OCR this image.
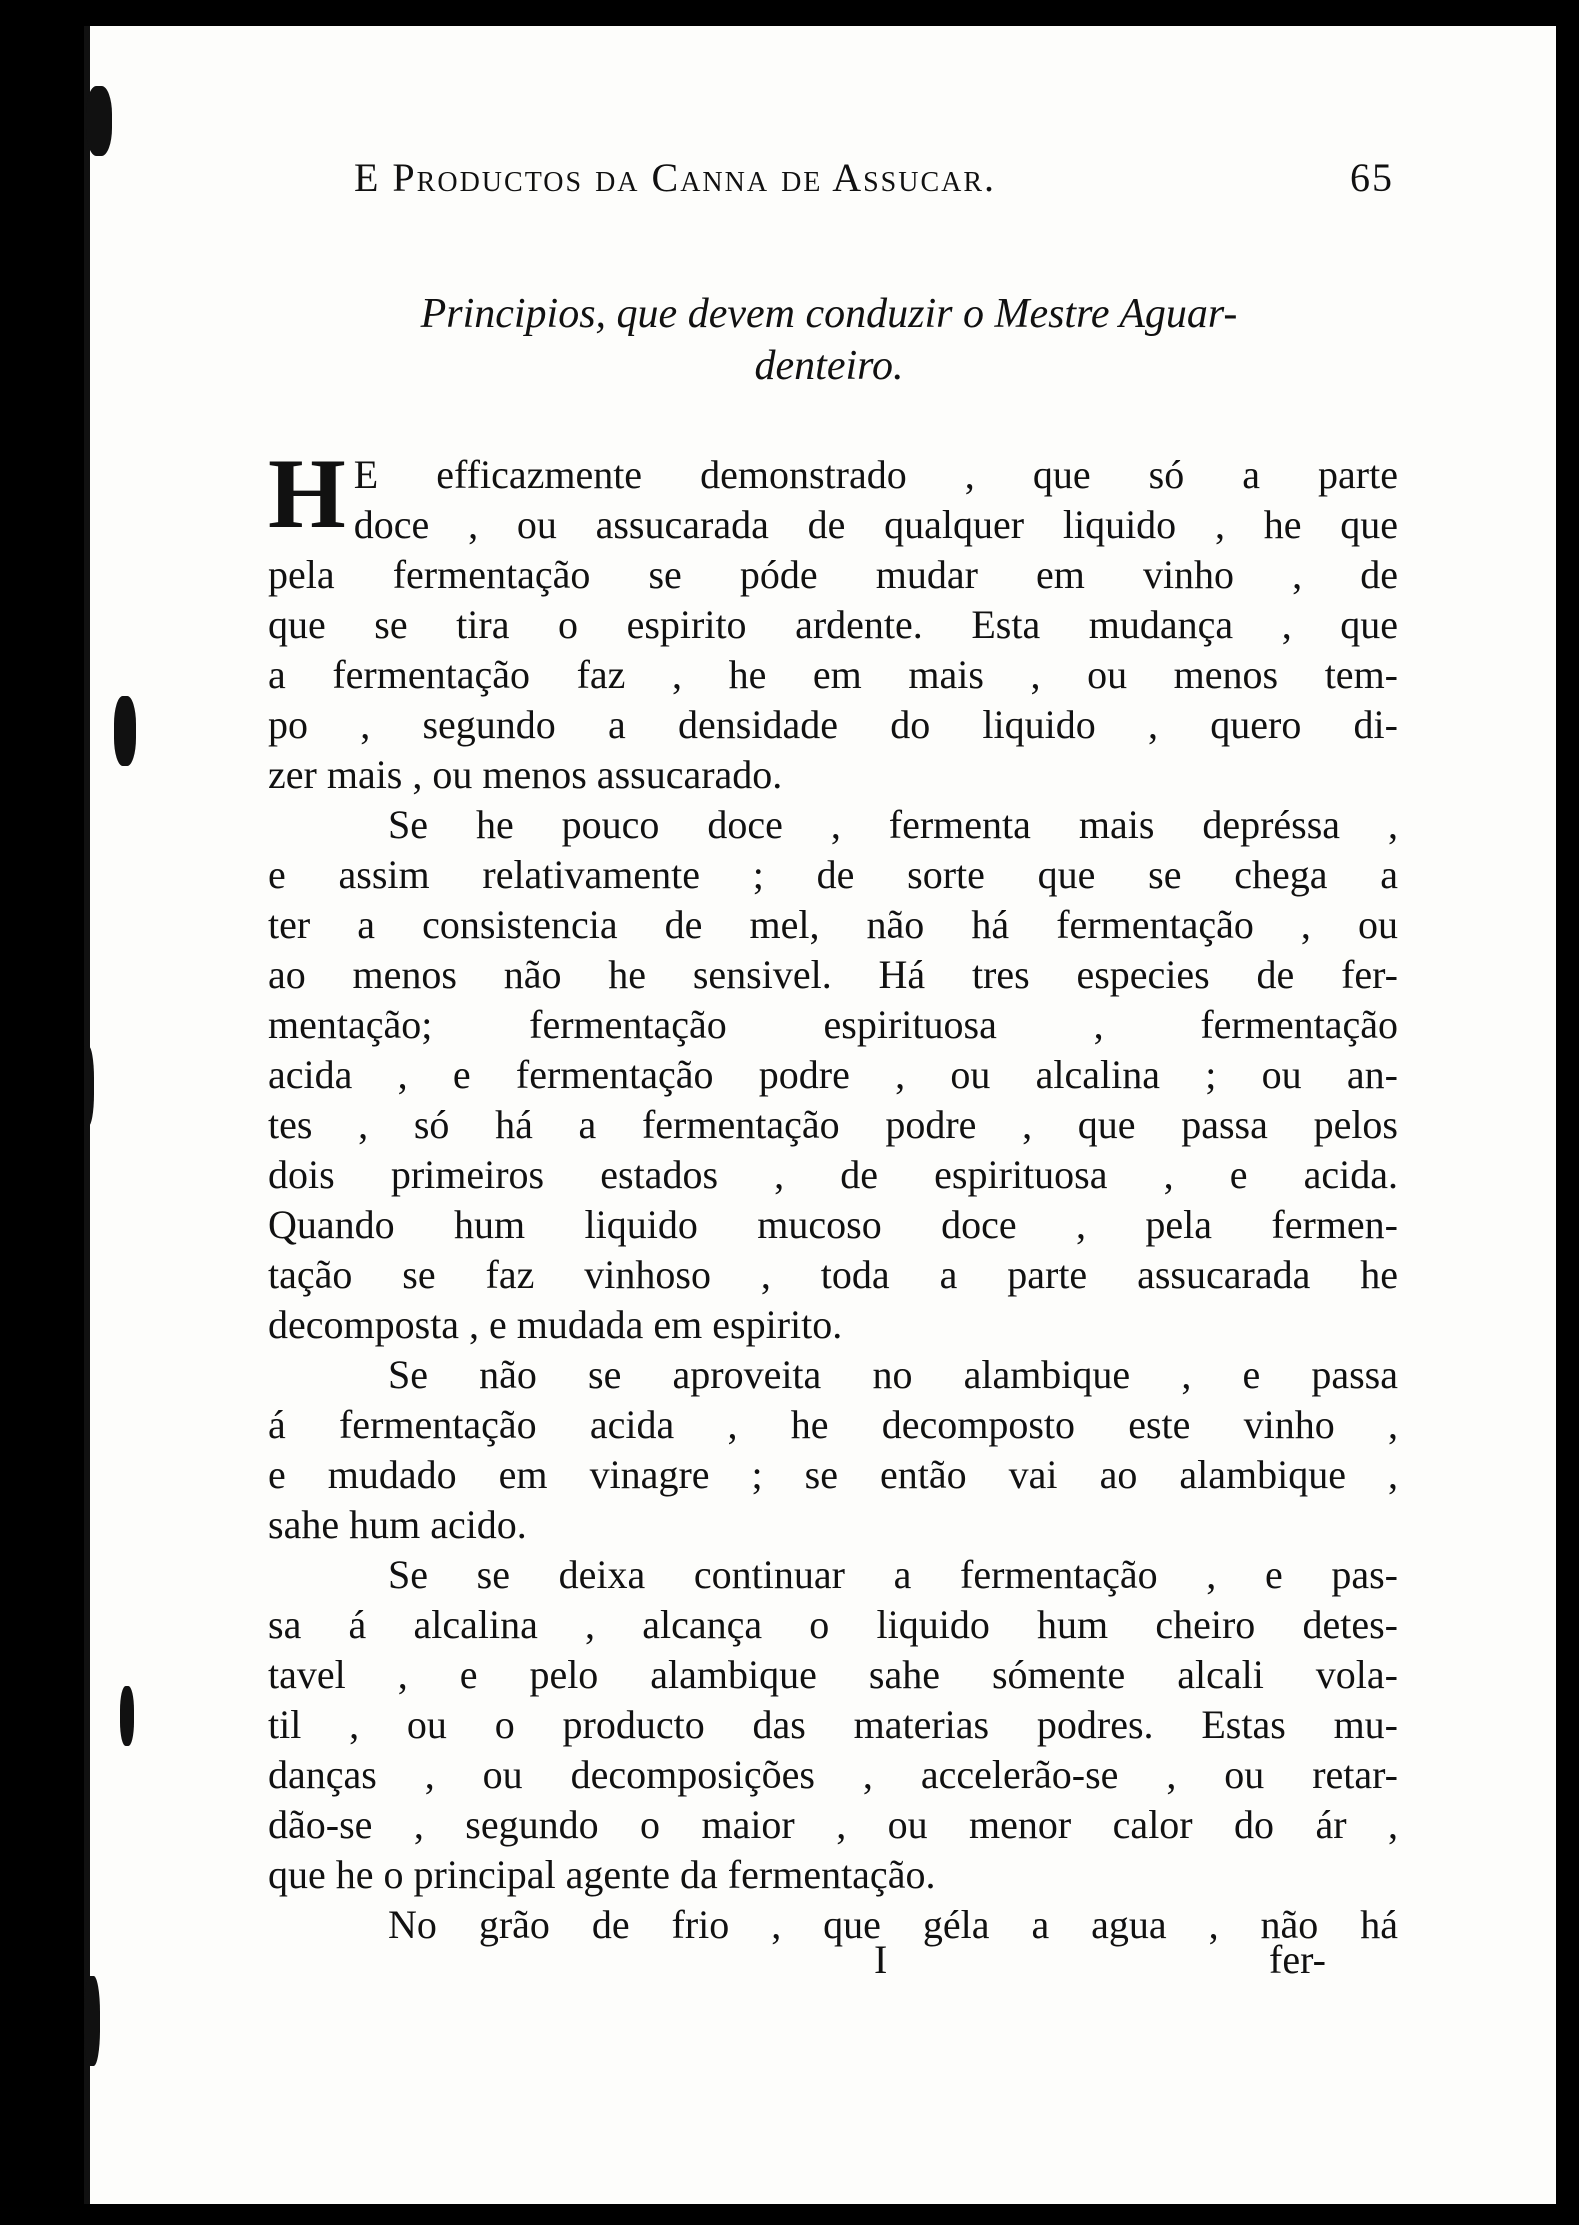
E Productos da Canna de Assucar.	65
Principios, que devem conduzir o Mestre Aguar-
denteiro.
H E efficazmente demonstrado , que só a parte
doce , ou assucarada de qualquer liquido , he que
pela fermentação se póde mudar em vinho , de
que se tira o espirito ardente. Esta mudança , que
a fermentação faz , he em mais , ou menos tem-
po , segundo a densidade do liquido , quero di-
zer mais , ou menos assucarado.
Se he pouco doce , fermenta mais depréssa ,
e assim relativamente ; de sorte que se chega a
ter a consistencia de mel, não há fermentação , ou
ao menos não he sensivel. Há tres especies de fer-
mentação; fermentação espirituosa , fermentação
acida , e fermentação podre , ou alcalina ; ou an-
tes , só há a fermentação podre , que passa pelos
dois primeiros estados , de espirituosa , e acida.
Quando hum liquido mucoso doce , pela fermen-
tação se faz vinhoso , toda a parte assucarada he
decomposta , e mudada em espirito.
Se não se aproveita no alambique , e passa
á fermentação acida , he decomposto este vinho ,
e mudado em vinagre ; se então vai ao alambique ,
sahe hum acido.
Se se deixa continuar a fermentação , e pas-
sa á alcalina , alcança o liquido hum cheiro detes-
tavel , e pelo alambique sahe sómente alcali vola-
til , ou o producto das materias podres. Estas mu-
danças , ou decomposições , accelerão-se , ou retar-
dão-se , segundo o maior , ou menor calor do ár ,
que he o principal agente da fermentação.
No grão de frio , que géla a agua , não há
I	fer-
